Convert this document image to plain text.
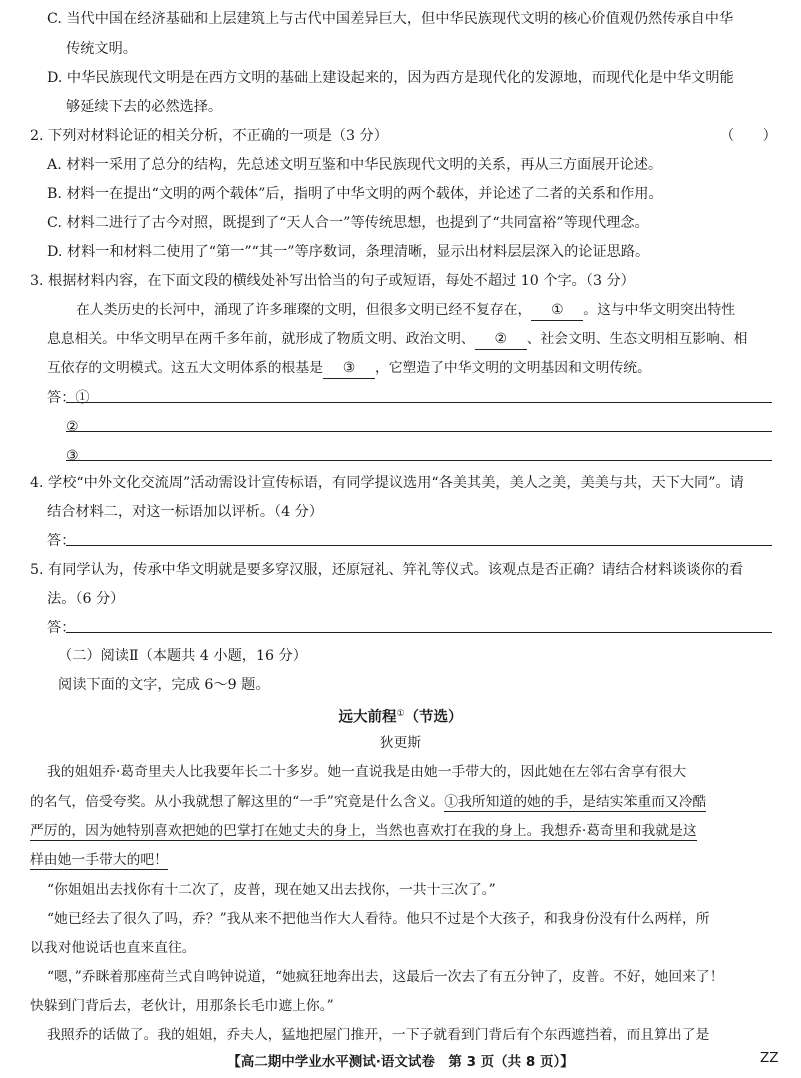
C. 当代中国在经济基础和上层建筑上与古代中国差异巨大，但中华民族现代文明的核心价值观仍然传承自中华
传统文明。
D. 中华民族现代文明是在西方文明的基础上建设起来的，因为西方是现代化的发源地，而现代化是中华文明能
够延续下去的必然选择。
2. 下列对材料论证的相关分析，不正确的一项是（3 分）	（　　）
A. 材料一采用了总分的结构，先总述文明互鉴和中华民族现代文明的关系，再从三方面展开论述。
B. 材料一在提出“文明的两个载体”后，指明了中华文明的两个载体，并论述了二者的关系和作用。
C. 材料二进行了古今对照，既提到了“天人合一”等传统思想，也提到了“共同富裕”等现代理念。
D. 材料一和材料二使用了“第一”“其一”等序数词，条理清晰，显示出材料层层深入的论证思路。
3. 根据材料内容，在下面文段的横线处补写出恰当的句子或短语，每处不超过 10 个字。（3 分）
在人类历史的长河中，涌现了许多璀璨的文明，但很多文明已经不复存在， ① 。这与中华文明突出特性
息息相关。中华文明早在两千多年前，就形成了物质文明、政治文明、 ② 、社会文明、生态文明相互影响、相
互依存的文明模式。这五大文明体系的根基是 ③ ，它塑造了中华文明的文明基因和文明传统。
答：①
②
③
4. 学校“中外文化交流周”活动需设计宣传标语，有同学提议选用“各美其美，美人之美，美美与共，天下大同”。请
结合材料二，对这一标语加以评析。（4 分）
答：
5. 有同学认为，传承中华文明就是要多穿汉服，还原冠礼、笄礼等仪式。该观点是否正确？请结合材料谈谈你的看
法。（6 分）
答：
（二）阅读Ⅱ（本题共 4 小题，16 分）
阅读下面的文字，完成 6～9 题。
远大前程①（节选）
狄更斯
我的姐姐乔·葛奇里夫人比我要年长二十多岁。她一直说我是由她一手带大的，因此她在左邻右舍享有很大
的名气，倍受夸奖。从小我就想了解这里的“一手”究竟是什么含义。①我所知道的她的手，是结实笨重而又冷酷
严厉的，因为她特别喜欢把她的巴掌打在她丈夫的身上，当然也喜欢打在我的身上。我想乔·葛奇里和我就是这
样由她一手带大的吧！
“你姐姐出去找你有十二次了，皮普，现在她又出去找你，一共十三次了。”
“她已经去了很久了吗，乔？”我从来不把他当作大人看待。他只不过是个大孩子，和我身份没有什么两样，所
以我对他说话也直来直往。
“嗯，”乔眯着那座荷兰式自鸣钟说道，“她疯狂地奔出去，这最后一次去了有五分钟了，皮普。不好，她回来了！
快躲到门背后去，老伙计，用那条长毛巾遮上你。”
我照乔的话做了。我的姐姐，乔夫人，猛地把屋门推开，一下子就看到门背后有个东西遮挡着，而且算出了是
【高二期中学业水平测试·语文试卷　第 3 页（共 8 页）】	ZZ
